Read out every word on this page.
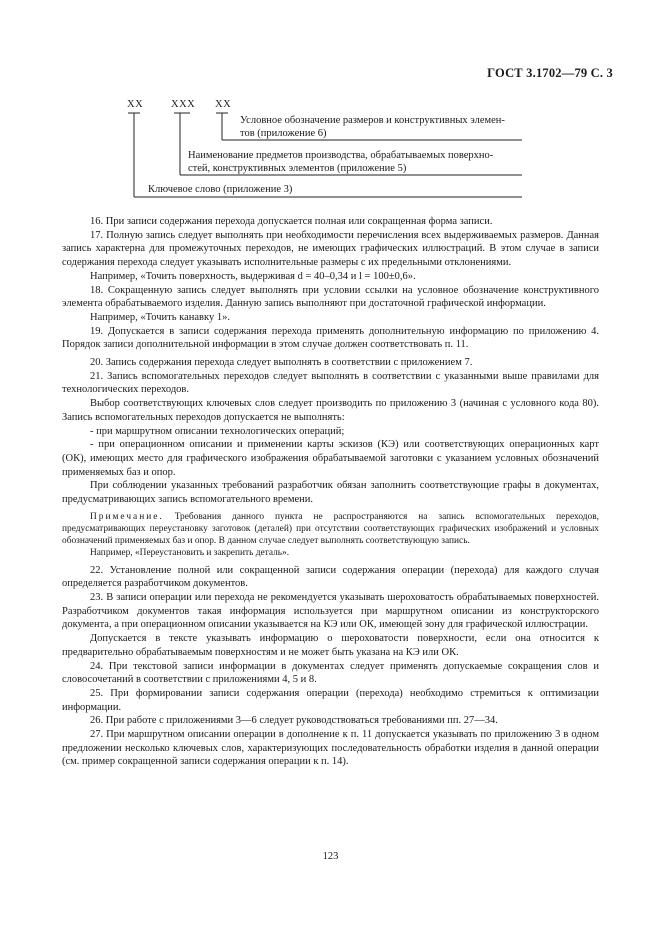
ГОСТ 3.1702—79 С. 3
ХХ	ХХХ ХХ
Условное обозначение размеров и конструктивных элемен-
тов (приложение 6)
Наименование предметов производства, обрабатываемых поверхно-
стей, конструктивных элементов (приложение 5)
Ключевое слово (приложение 3)

16. При записи содержания перехода допускается полная или сокращенная форма записи.

17. Полную запись следует выполнять при необходимости перечисления всех выдерживаемых размеров. Данная запись характерна для промежуточных переходов, не имеющих графических иллюстраций. В этом случае в записи содержания перехода следует указывать исполнительные размеры с их предельными отклонениями.

Например, «Точить поверхность, выдерживая d = 40–0,34 и l = 100±0,6».

18. Сокращенную запись следует выполнять при условии ссылки на условное обозначение конструктивного элемента обрабатываемого изделия. Данную запись выполняют при достаточной графической информации.

Например, «Точить канавку 1».

19. Допускается в записи содержания перехода применять дополнительную информацию по приложению 4. Порядок записи дополнительной информации в этом случае должен соответствовать п. 11.

20. Запись содержания перехода следует выполнять в соответствии с приложением 7.

21. Запись вспомогательных переходов следует выполнять в соответствии с указанными выше правилами для технологических переходов.

Выбор соответствующих ключевых слов следует производить по приложению 3 (начиная с условного кода 80). Запись вспомогательных переходов допускается не выполнять:

- при маршрутном описании технологических операций;

- при операционном описании и применении карты эскизов (КЭ) или соответствующих операционных карт (ОК), имеющих место для графического изображения обрабатываемой заготовки с указанием условных обозначений применяемых баз и опор.

При соблюдении указанных требований разработчик обязан заполнить соответствующие графы в документах, предусматривающих запись вспомогательного времени.

Примечание. Требования данного пункта не распространяются на запись вспомогательных переходов, предусматривающих переустановку заготовок (деталей) при отсутствии соответствующих графических изображений и условных обозначений применяемых баз и опор. В данном случае следует выполнять соответствующую запись.

Например, «Переустановить и закрепить деталь».

22. Установление полной или сокращенной записи содержания операции (перехода) для каждого случая определяется разработчиком документов.

23. В записи операции или перехода не рекомендуется указывать шероховатость обрабатываемых поверхностей. Разработчиком документов такая информация используется при маршрутном описании из конструкторского документа, а при операционном описании указывается на КЭ или ОК, имеющей зону для графической иллюстрации.

Допускается в тексте указывать информацию о шероховатости поверхности, если она относится к предварительно обрабатываемым поверхностям и не может быть указана на КЭ или ОК.

24. При текстовой записи информации в документах следует применять допускаемые сокращения слов и словосочетаний в соответствии с приложениями 4, 5 и 8.

25. При формировании записи содержания операции (перехода) необходимо стремиться к оптимизации информации.

26. При работе с приложениями 3—6 следует руководствоваться требованиями пп. 27—34.

27. При маршрутном описании операции в дополнение к п. 11 допускается указывать по приложению 3 в одном предложении несколько ключевых слов, характеризующих последовательность обработки изделия в данной операции (см. пример сокращенной записи содержания операции к п. 14).

123
